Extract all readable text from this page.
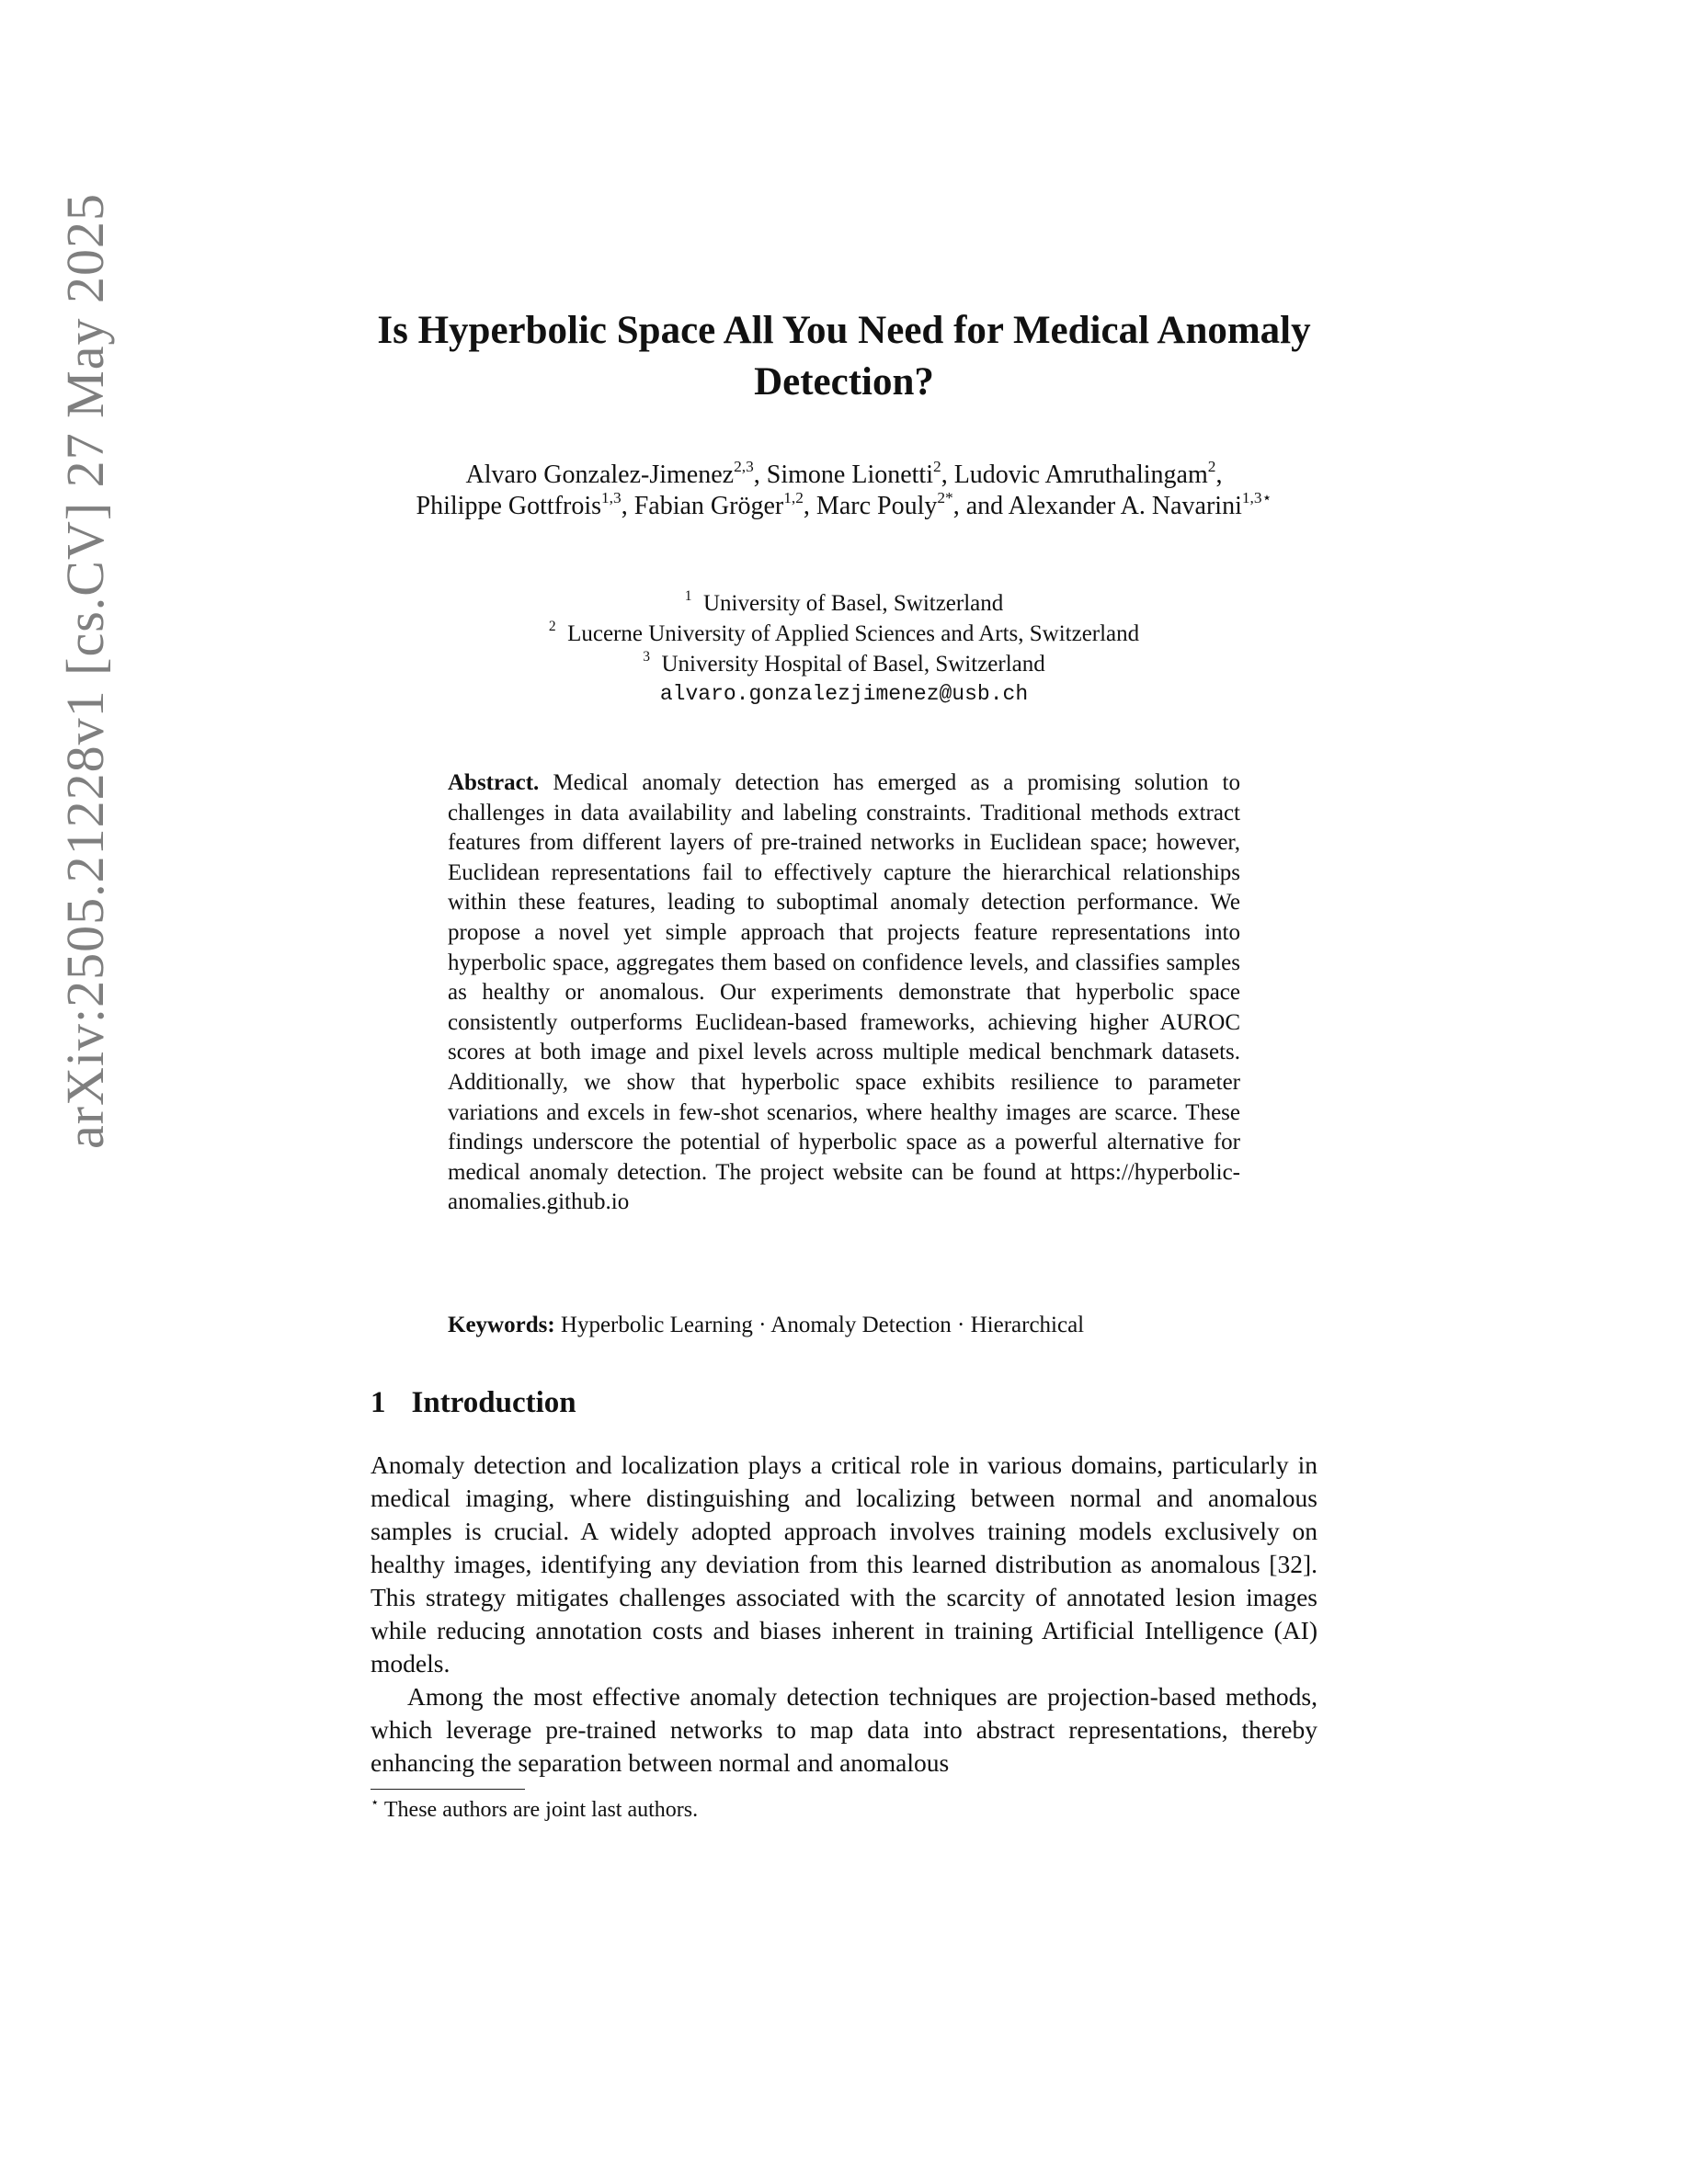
arXiv:2505.21228v1 [cs.CV] 27 May 2025	Is Hyperbolic Space All You Need for Medical Anomaly Detection?
Alvaro Gonzalez-Jimenez$^{2,3}$, Simone Lionetti$^2$, Ludovic Amruthalingam$^2$,
Philippe Gottfrois$^{1,3}$, Fabian Gröger$^{1,2}$, Marc Pouly$^{2*}$, and Alexander A. Navarini$^{1,3⋆}$
$^1$ University of Basel, Switzerland
$^2$ Lucerne University of Applied Sciences and Arts, Switzerland
$^3$ University Hospital of Basel, Switzerland
alvaro.gonzalezjimenez@usb.ch
Abstract. Medical anomaly detection has emerged as a promising solution to challenges in data availability and labeling constraints. Traditional methods extract features from different layers of pre-trained networks in Euclidean space; however, Euclidean representations fail to effectively capture the hierarchical relationships within these features, leading to suboptimal anomaly detection performance. We propose a novel yet simple approach that projects feature representations into hyperbolic space, aggregates them based on confidence levels, and classifies samples as healthy or anomalous. Our experiments demonstrate that hyperbolic space consistently outperforms Euclidean-based frameworks, achieving higher AUROC scores at both image and pixel levels across multiple medical benchmark datasets. Additionally, we show that hyperbolic space exhibits resilience to parameter variations and excels in few-shot scenarios, where healthy images are scarce. These findings underscore the potential of hyperbolic space as a powerful alternative for medical anomaly detection. The project website can be found at https://hyperbolic-anomalies.github.io
Keywords: Hyperbolic Learning · Anomaly Detection · Hierarchical
1 Introduction

Anomaly detection and localization plays a critical role in various domains, particularly in medical imaging, where distinguishing and localizing between normal and anomalous samples is crucial. A widely adopted approach involves training models exclusively on healthy images, identifying any deviation from this learned distribution as anomalous [32]. This strategy mitigates challenges associated with the scarcity of annotated lesion images while reducing annotation costs and biases inherent in training Artificial Intelligence (AI) models.

Among the most effective anomaly detection techniques are projection-based methods, which leverage pre-trained networks to map data into abstract representations, thereby enhancing the separation between normal and anomalous

⋆ These authors are joint last authors.
